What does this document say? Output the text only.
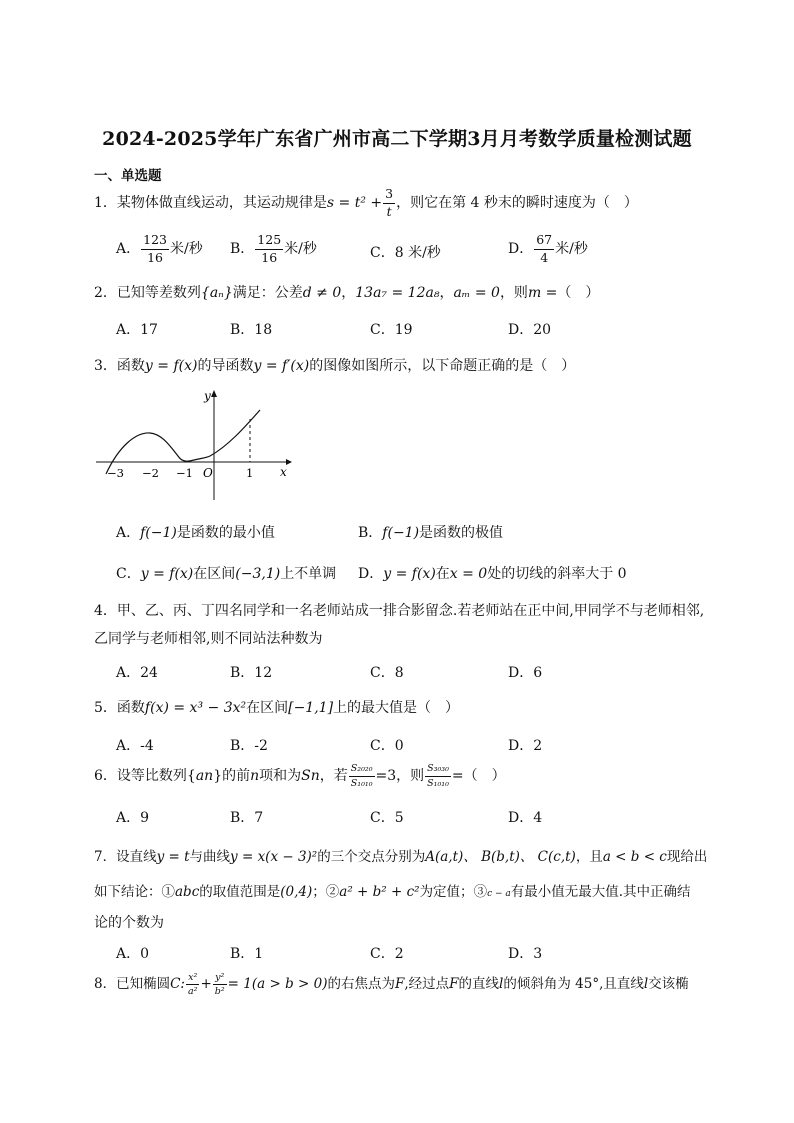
2024-2025学年广东省广州市高二下学期3月月考数学质量检测试题
一、单选题
1．某物体做直线运动，其运动规律是$s = t^2 + \frac{3}{t}$ ，则它在第 4 秒末的瞬时速度为（　）
A． $\frac{123}{16}$ 米/秒 B． $\frac{125}{16}$ 米/秒	C．8 米/秒	D． $\frac{67}{4}$ 米/秒
2．已知等差数列{aₙ}满足：公差d ≠ 0，13a₇ = 12a₈，aₘ = 0，则m =（　）
A．17	B．18	C．19	D．20
3．函数y = f(x)的导函数y = f′(x)的图像如图所示，以下命题正确的是（　）
y
x
O
−3 −2 −1	1
A．f(−1)是函数的最小值	B．f(−1)是函数的极值
C．y = f(x)在区间(−3,1)上不单调 D．y = f(x)在x = 0处的切线的斜率大于 0
4．甲、乙、丙、丁四名同学和一名老师站成一排合影留念.若老师站在正中间,甲同学不与老师相邻,乙同学与老师相邻,则不同站法种数为
A．24	B．12	C．8	D．6
5．函数f(x) = x³ − 3x²在区间[−1,1]上的最大值是（　）
A．-4	B．-2	C．0	D．2
6．设等比数列{an}的前n项和为Sn，若 $\frac{\text{S₂₀₂₀}}{\text{S₁₀₁₀}} =3$，则 $\frac{\text{S₃₀₃₀}}{\text{S₁₀₁₀}}$ =（　）
A．9	B．7	C．5	D．4
7．设直线y = t与曲线y = x(x − 3)²的三个交点分别为A(a,t)、 B(b,t)、 C(c,t)，且a < b < c现给出
如下结论：①abc的取值范围是(0,4)；②a² + b² + c²为定值；③c − a有最小值无最大值.其中正确结
论的个数为
A．0	B．1	C．2	D．3
8．已知椭圆C: $\frac{\text{x²}}{\text{a²}} + \frac{\text{y²}}{\text{b²}} = 1(a > b > 0)$的右焦点为F,经过点F的直线l的倾斜角为 45°,且直线l交该椭
